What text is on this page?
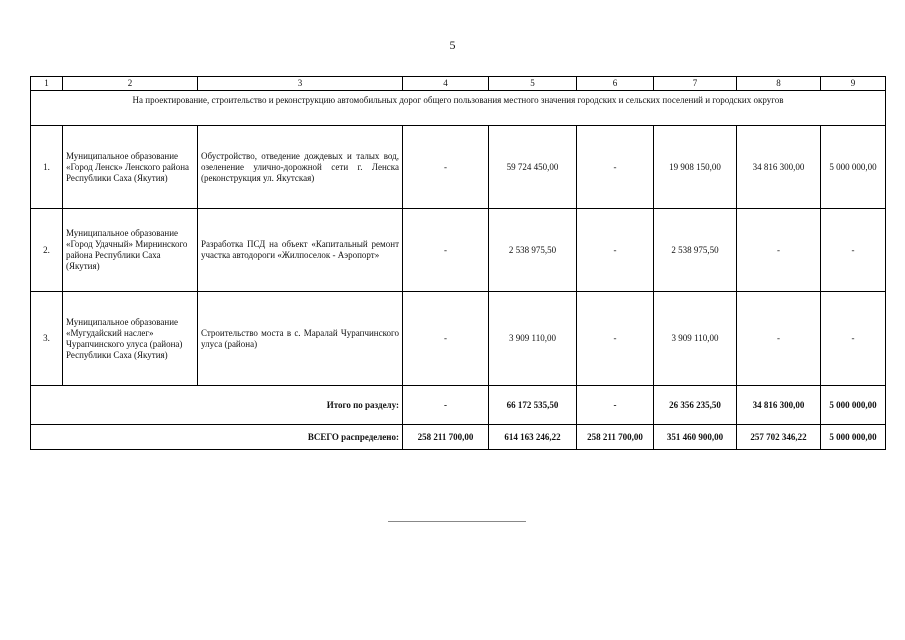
5
1	2	3	4	5	6	7	8	9
На проектирование, строительство и реконструкцию автомобильных дорог общего пользования местного значения городских и сельских поселений и городских округов								
1.	Муниципальное образование «Город Ленск» Ленского района Республики Саха (Якутия)	Обустройство, отведение дождевых и талых вод, озеленение улично-дорожной сети г. Ленска (реконструкция ул. Якутская)	-	59 724 450,00	-	19 908 150,00	34 816 300,00	5 000 000,00
2.	Муниципальное образование «Город Удачный» Мирнинского района Республики Саха (Якутия)	Разработка ПСД на объект «Капитальный ремонт участка автодороги «Жилпоселок - Аэропорт»	-	2 538 975,50	-	2 538 975,50	-	-
3.	Муниципальное образование «Мугудайский наслег» Чурапчинского улуса (района) Республики Саха (Якутия)	Строительство моста в с. Маралай Чурапчинского улуса (района)	-	3 909 110,00	-	3 909 110,00	-	-
Итого по разделу:			-	66 172 535,50	-	26 356 235,50	34 816 300,00	5 000 000,00
ВСЕГО распределено:			258 211 700,00	614 163 246,22	258 211 700,00	351 460 900,00	257 702 346,22	5 000 000,00
